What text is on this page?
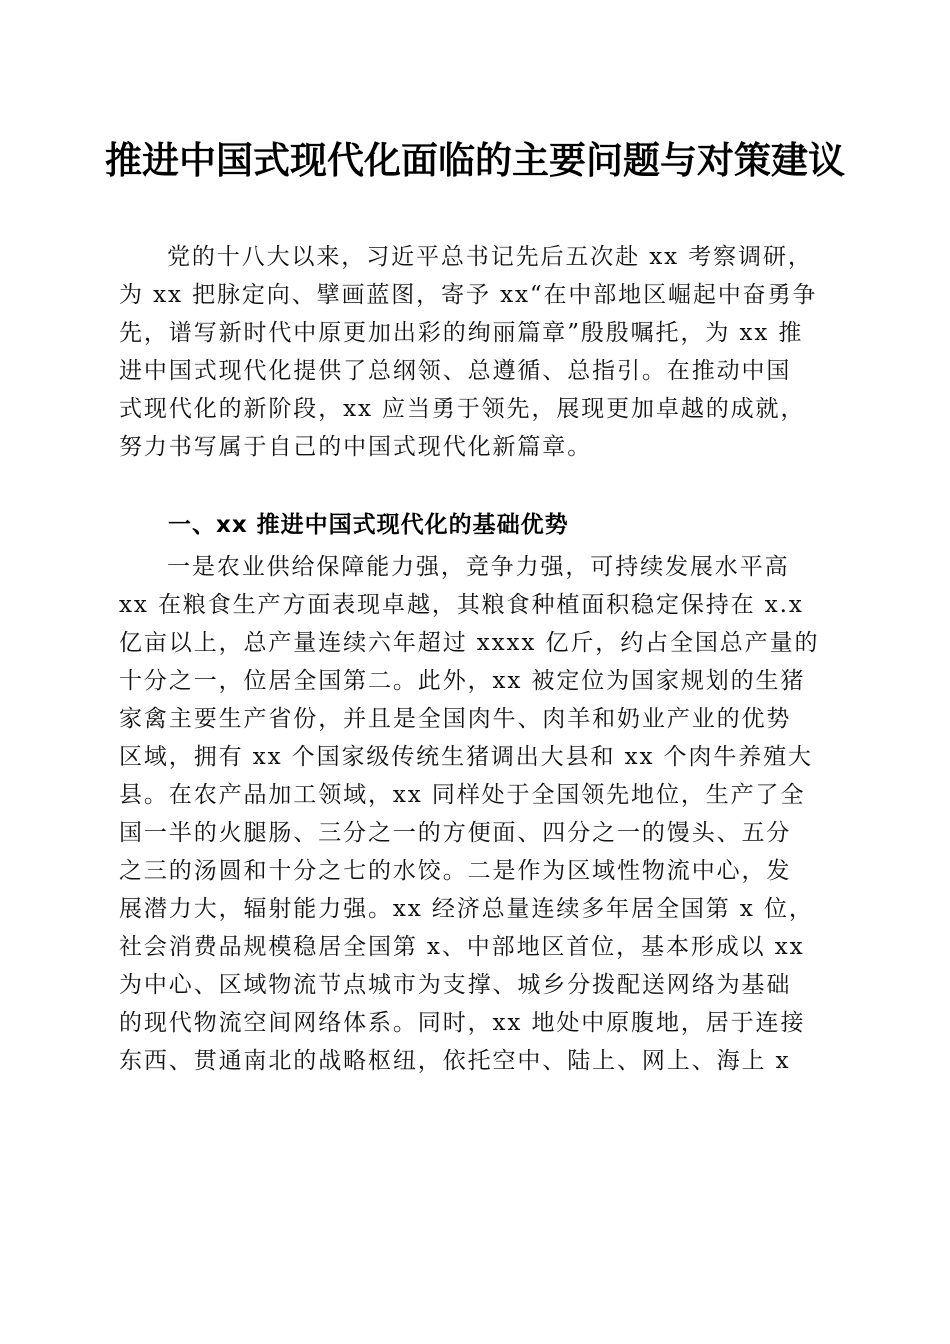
推进中国式现代化面临的主要问题与对策建议
党的十八大以来，习近平总书记先后五次赴 xx 考察调研，
为 xx 把脉定向、擘画蓝图，寄予 xx“在中部地区崛起中奋勇争
先，谱写新时代中原更加出彩的绚丽篇章”殷殷嘱托，为 xx 推
进中国式现代化提供了总纲领、总遵循、总指引。在推动中国
式现代化的新阶段，xx 应当勇于领先，展现更加卓越的成就，
努力书写属于自己的中国式现代化新篇章。
一、xx 推进中国式现代化的基础优势
一是农业供给保障能力强，竞争力强，可持续发展水平高
xx 在粮食生产方面表现卓越，其粮食种植面积稳定保持在 x.x
亿亩以上，总产量连续六年超过 xxxx 亿斤，约占全国总产量的
十分之一，位居全国第二。此外，xx 被定位为国家规划的生猪
家禽主要生产省份，并且是全国肉牛、肉羊和奶业产业的优势
区域，拥有 xx 个国家级传统生猪调出大县和 xx 个肉牛养殖大
县。在农产品加工领域，xx 同样处于全国领先地位，生产了全
国一半的火腿肠、三分之一的方便面、四分之一的馒头、五分
之三的汤圆和十分之七的水饺。二是作为区域性物流中心，发
展潜力大，辐射能力强。xx 经济总量连续多年居全国第 x 位，
社会消费品规模稳居全国第 x、中部地区首位，基本形成以 xx
为中心、区域物流节点城市为支撑、城乡分拨配送网络为基础
的现代物流空间网络体系。同时，xx 地处中原腹地，居于连接
东西、贯通南北的战略枢纽，依托空中、陆上、网上、海上 x
